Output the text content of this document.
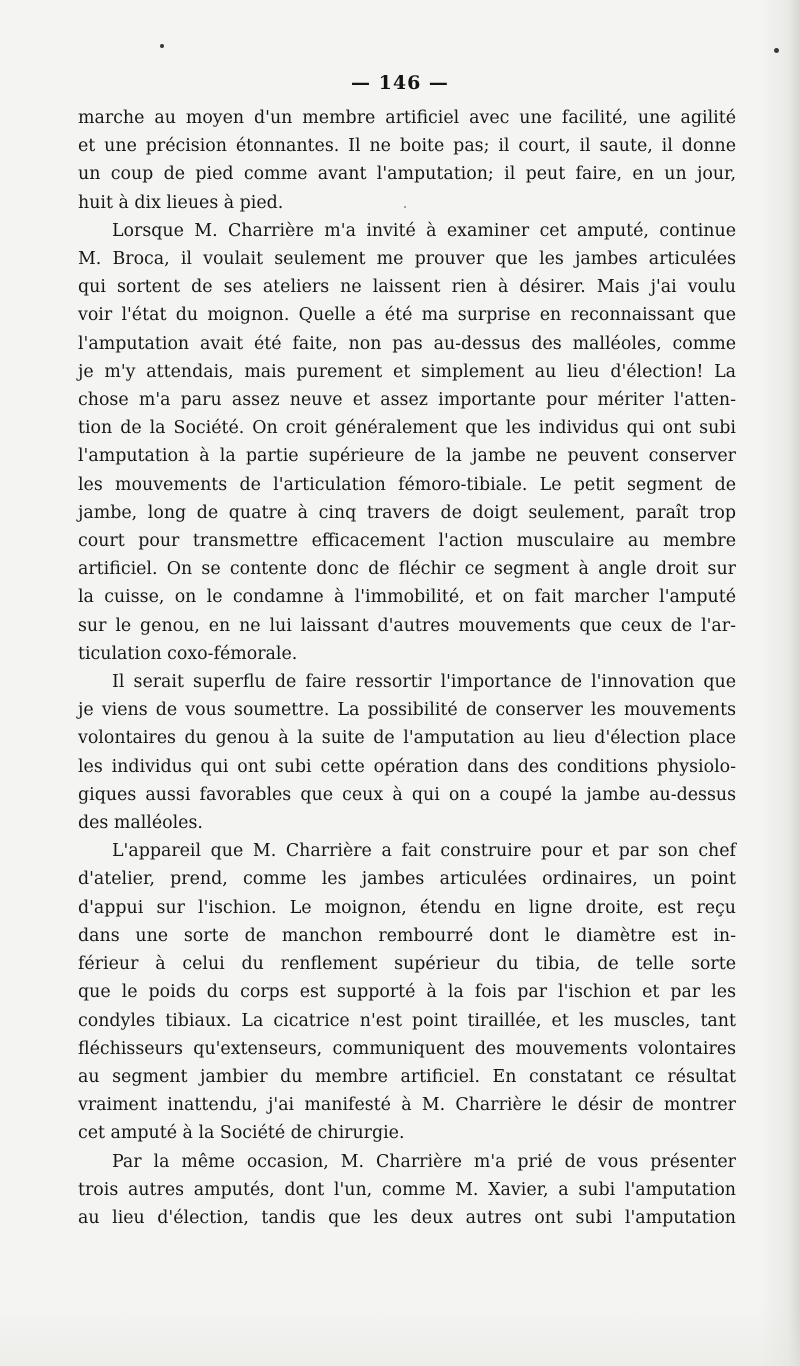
— 146 —

marche au moyen d'un membre artificiel avec une facilité, une agilité
et une précision étonnantes. Il ne boite pas; il court, il saute, il donne
un coup de pied comme avant l'amputation; il peut faire, en un jour,
huit à dix lieues à pied.

Lorsque M. Charrière m'a invité à examiner cet amputé, continue
M. Broca, il voulait seulement me prouver que les jambes articulées
qui sortent de ses ateliers ne laissent rien à désirer. Mais j'ai voulu
voir l'état du moignon. Quelle a été ma surprise en reconnaissant que
l'amputation avait été faite, non pas au-dessus des malléoles, comme
je m'y attendais, mais purement et simplement au lieu d'élection! La
chose m'a paru assez neuve et assez importante pour mériter l'atten-
tion de la Société. On croit généralement que les individus qui ont subi
l'amputation à la partie supérieure de la jambe ne peuvent conserver
les mouvements de l'articulation fémoro-tibiale. Le petit segment de
jambe, long de quatre à cinq travers de doigt seulement, paraît trop
court pour transmettre efficacement l'action musculaire au membre
artificiel. On se contente donc de fléchir ce segment à angle droit sur
la cuisse, on le condamne à l'immobilité, et on fait marcher l'amputé
sur le genou, en ne lui laissant d'autres mouvements que ceux de l'ar-
ticulation coxo-fémorale.

Il serait superflu de faire ressortir l'importance de l'innovation que
je viens de vous soumettre. La possibilité de conserver les mouvements
volontaires du genou à la suite de l'amputation au lieu d'élection place
les individus qui ont subi cette opération dans des conditions physiolo-
giques aussi favorables que ceux à qui on a coupé la jambe au-dessus
des malléoles.

L'appareil que M. Charrière a fait construire pour et par son chef
d'atelier, prend, comme les jambes articulées ordinaires, un point
d'appui sur l'ischion. Le moignon, étendu en ligne droite, est reçu
dans une sorte de manchon rembourré dont le diamètre est in-
férieur à celui du renflement supérieur du tibia, de telle sorte
que le poids du corps est supporté à la fois par l'ischion et par les
condyles tibiaux. La cicatrice n'est point tiraillée, et les muscles, tant
fléchisseurs qu'extenseurs, communiquent des mouvements volontaires
au segment jambier du membre artificiel. En constatant ce résultat
vraiment inattendu, j'ai manifesté à M. Charrière le désir de montrer
cet amputé à la Société de chirurgie.

Par la même occasion, M. Charrière m'a prié de vous présenter
trois autres amputés, dont l'un, comme M. Xavier, a subi l'amputation
au lieu d'élection, tandis que les deux autres ont subi l'amputation
